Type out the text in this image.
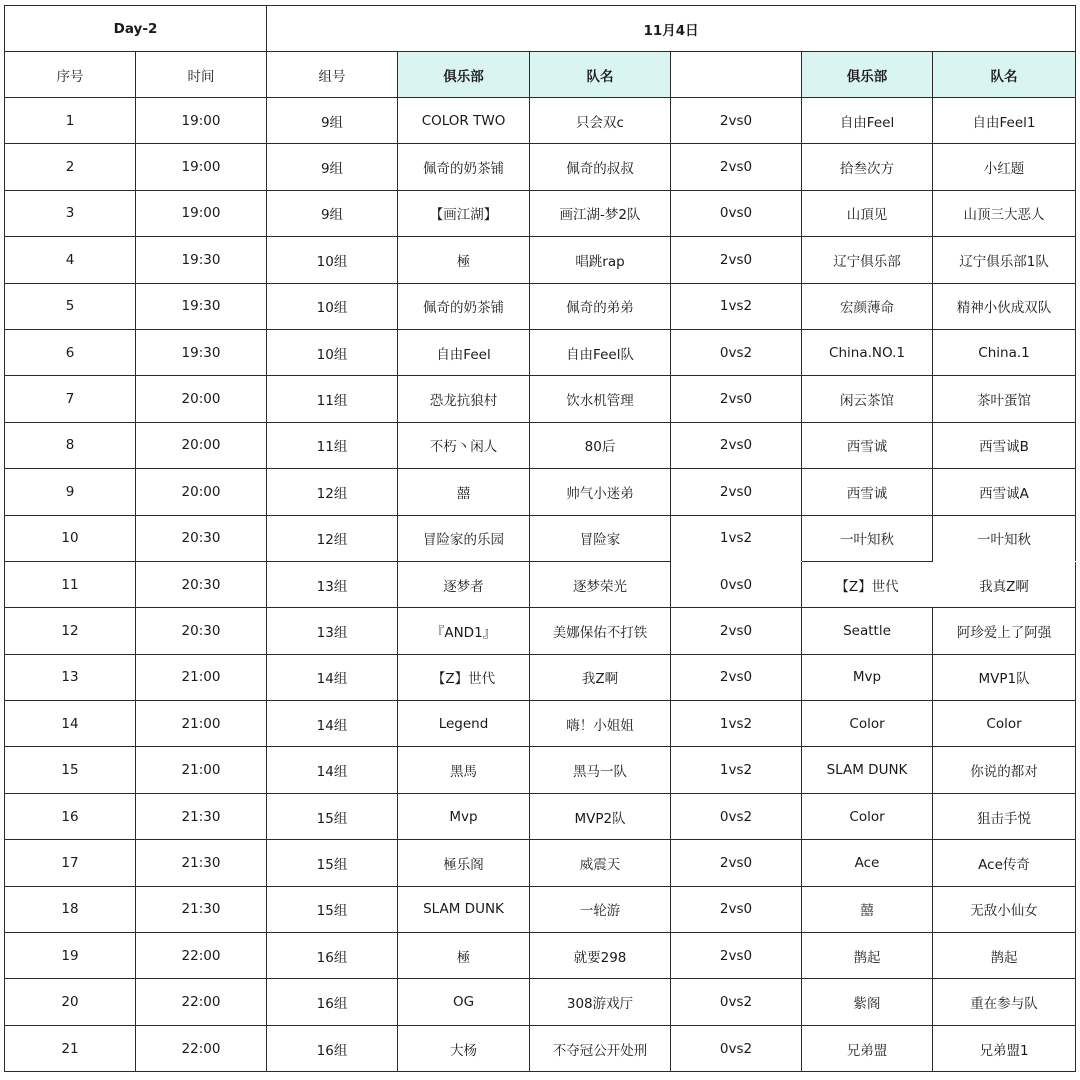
Day-2		11月4日					
序号	时间	组号	俱乐部	队名		俱乐部	队名
1	19:00	9组	COLOR TWO	只会双c	2vs0	自由Feel	自由Feel1
2	19:00	9组	佩奇的奶茶铺	佩奇的叔叔	2vs0	拾叁次方	小红题
3	19:00	9组	【画江湖】	画江湖-梦2队	0vs0	山頂见	山顶三大恶人
4	19:30	10组	極	唱跳rap	2vs0	辽宁俱乐部	辽宁俱乐部1队
5	19:30	10组	佩奇的奶茶铺	佩奇的弟弟	1vs2	宏颜薄命	精神小伙成双队
6	19:30	10组	自由Feel	自由Feel队	0vs2	China.NO.1	China.1
7	20:00	11组	恐龙抗狼村	饮水机管理	2vs0	闲云茶馆	茶叶蛋馆
8	20:00	11组	不朽丶闲人	80后	2vs0	西雪诚	西雪诚B
9	20:00	12组	囍	帅气小迷弟	2vs0	西雪诚	西雪诚A
10	20:30	12组	冒险家的乐园	冒险家	1vs2	一叶知秋	一叶知秋
11	20:30	13组	逐梦者	逐梦荣光	0vs0	【Z】世代	我真Z啊
12	20:30	13组	『AND1』	美娜保佑不打铁	2vs0	Seattle	阿珍爱上了阿强
13	21:00	14组	【Z】世代	我Z啊	2vs0	Mvp	MVP1队
14	21:00	14组	Legend	嗨！小姐姐	1vs2	Color	Color
15	21:00	14组	黑馬	黑马一队	1vs2	SLAM DUNK	你说的都对
16	21:30	15组	Mvp	MVP2队	0vs2	Color	狙击手悦
17	21:30	15组	極乐阁	威震天	2vs0	Ace	Ace传奇
18	21:30	15组	SLAM DUNK	一轮游	2vs0	囍	无敌小仙女
19	22:00	16组	極	就要298	2vs0	鹊起	鹊起
20	22:00	16组	OG	308游戏厅	0vs2	紫阁	重在参与队
21	22:00	16组	大杨	不夺冠公开处刑	0vs2	兄弟盟	兄弟盟1
